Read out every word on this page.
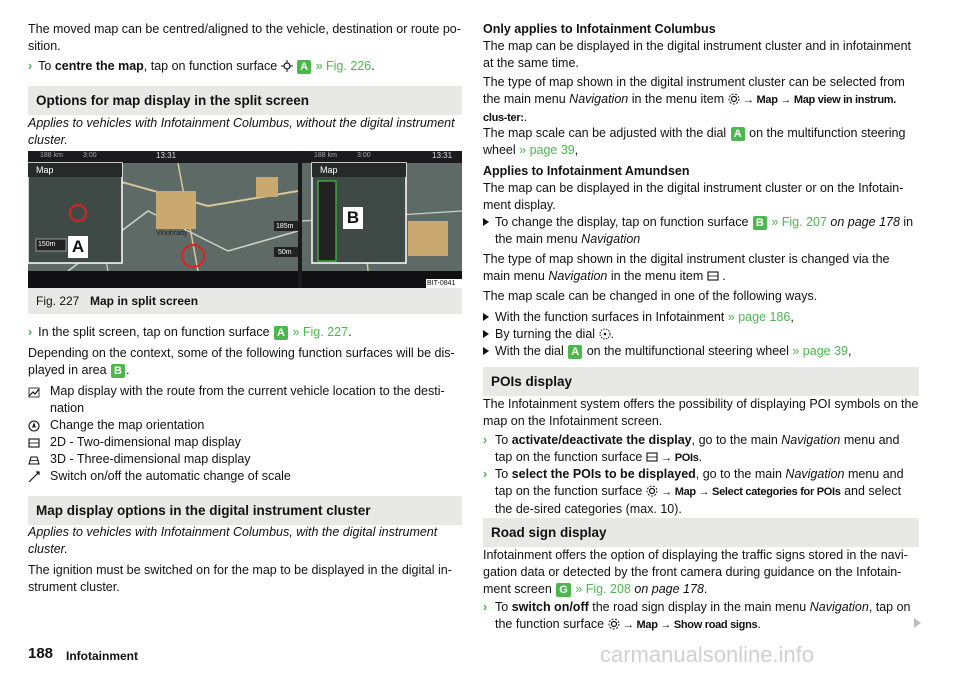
The moved map can be centred/aligned to the vehicle, destination or route po-sition.

› To centre the map, tap on function surface  A » Fig. 226.

Options for map display in the split screen

Applies to vehicles with Infotainment Columbus, without the digital instrument cluster.

3:00
188 km	13:31
Map
150m
185m
50m
Vinohrady
A
188 km	3:00	13:31
Map
B
BIT-0841
Fig. 227 Map in split screen

› In the split screen, tap on function surface A » Fig. 227.

Depending on the context, some of the following function surfaces will be dis-played in area B .

Map display with the route from the current vehicle location to the desti-nation
Change the map orientation
2D - Two-dimensional map display
3D - Three-dimensional map display
Switch on/off the automatic change of scale
Map display options in the digital instrument cluster

Applies to vehicles with Infotainment Columbus, with the digital instrument cluster.

The ignition must be switched on for the map to be displayed in the digital in-strument cluster.

Only applies to Infotainment Columbus

The map can be displayed in the digital instrument cluster and in infotainment at the same time.

The type of map shown in the digital instrument cluster can be selected from the main menu Navigation in the menu item  → Map → Map view in instrum. clus-ter:.

The map scale can be adjusted with the dial A on the multifunction steering wheel » page 39,

Applies to Infotainment Amundsen

The map can be displayed in the digital instrument cluster or on the Infotain-ment display.

To change the display, tap on function surface B » Fig. 207 on page 178 in the main menu Navigation

The type of map shown in the digital instrument cluster is changed via the main menu Navigation in the menu item  .

The map scale can be changed in one of the following ways.

With the function surfaces in Infotainment » page 186,

By turning the dial .

With the dial A on the multifunctional steering wheel » page 39,

POIs display

The Infotainment system offers the possibility of displaying POI symbols on the map on the Infotainment screen.

› To activate/deactivate the display, go to the main Navigation menu and tap on the function surface  → POIs.

› To select the POIs to be displayed, go to the main Navigation menu and tap on the function surface  → Map → Select categories for POIs and select the de-sired categories (max. 10).

Road sign display

Infotainment offers the option of displaying the traffic signs stored in the navi-gation data or detected by the front camera during guidance on the Infotain-ment screen G » Fig. 208 on page 178.

› To switch on/off the road sign display in the main menu Navigation, tap on the function surface  → Map → Show road signs.

188 Infotainment	carmanualsonline.info
